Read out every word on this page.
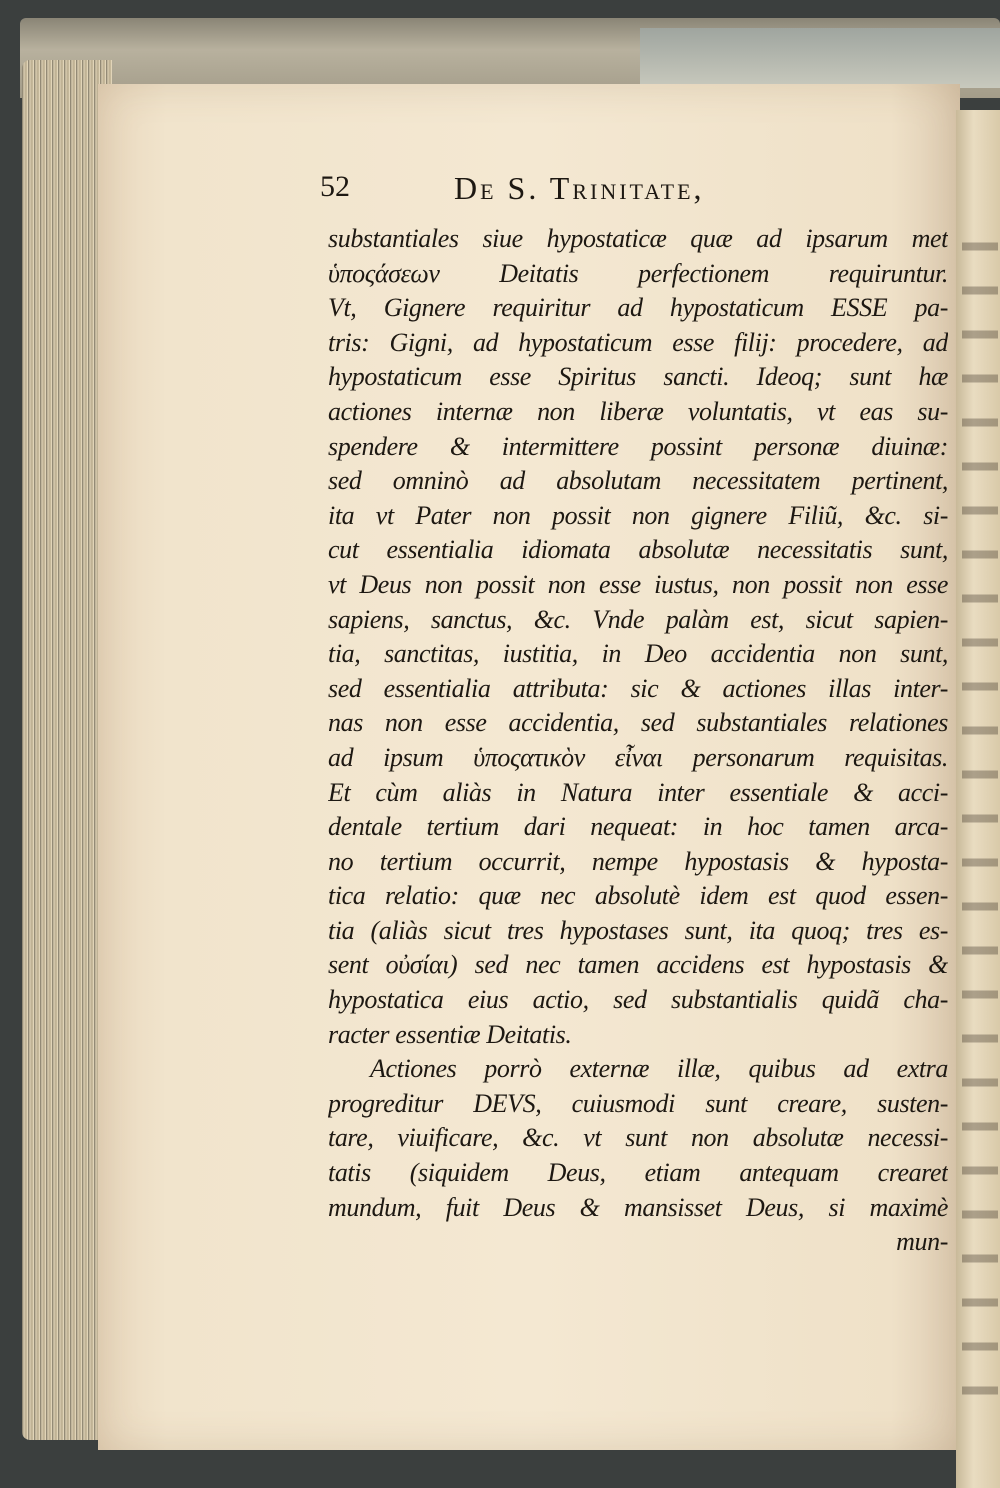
52	De S. Trinitate,
substantiales siue hypostaticæ quæ ad ipsarum met
ὑποςάσεων Deitatis perfectionem requiruntur.
Vt, Gignere requiritur ad hypostaticum ESSE pa-
tris: Gigni, ad hypostaticum esse filij: procedere, ad
hypostaticum esse Spiritus sancti. Ideoq; sunt hæ
actiones internæ non liberæ voluntatis, vt eas su-
spendere & intermittere possint personæ diuinæ:
sed omninò ad absolutam necessitatem pertinent,
ita vt Pater non possit non gignere Filiũ, &c. si-
cut essentialia idiomata absolutæ necessitatis sunt,
vt Deus non possit non esse iustus, non possit non esse
sapiens, sanctus, &c. Vnde palàm est, sicut sapien-
tia, sanctitas, iustitia, in Deo accidentia non sunt,
sed essentialia attributa: sic & actiones illas inter-
nas non esse accidentia, sed substantiales relationes
ad ipsum ὑποςατικὸν εἶναι personarum requisitas.
Et cùm aliàs in Natura inter essentiale & acci-
dentale tertium dari nequeat: in hoc tamen arca-
no tertium occurrit, nempe hypostasis & hyposta-
tica relatio: quæ nec absolutè idem est quod essen-
tia (aliàs sicut tres hypostases sunt, ita quoq; tres es-
sent οὐσίαι) sed nec tamen accidens est hypostasis &
hypostatica eius actio, sed substantialis quidã cha-
racter essentiæ Deitatis.
Actiones porrò externæ illæ, quibus ad extra
progreditur DEVS, cuiusmodi sunt creare, susten-
tare, viuificare, &c. vt sunt non absolutæ necessi-
tatis (siquidem Deus, etiam antequam crearet
mundum, fuit Deus & mansisset Deus, si maximè
mun-
